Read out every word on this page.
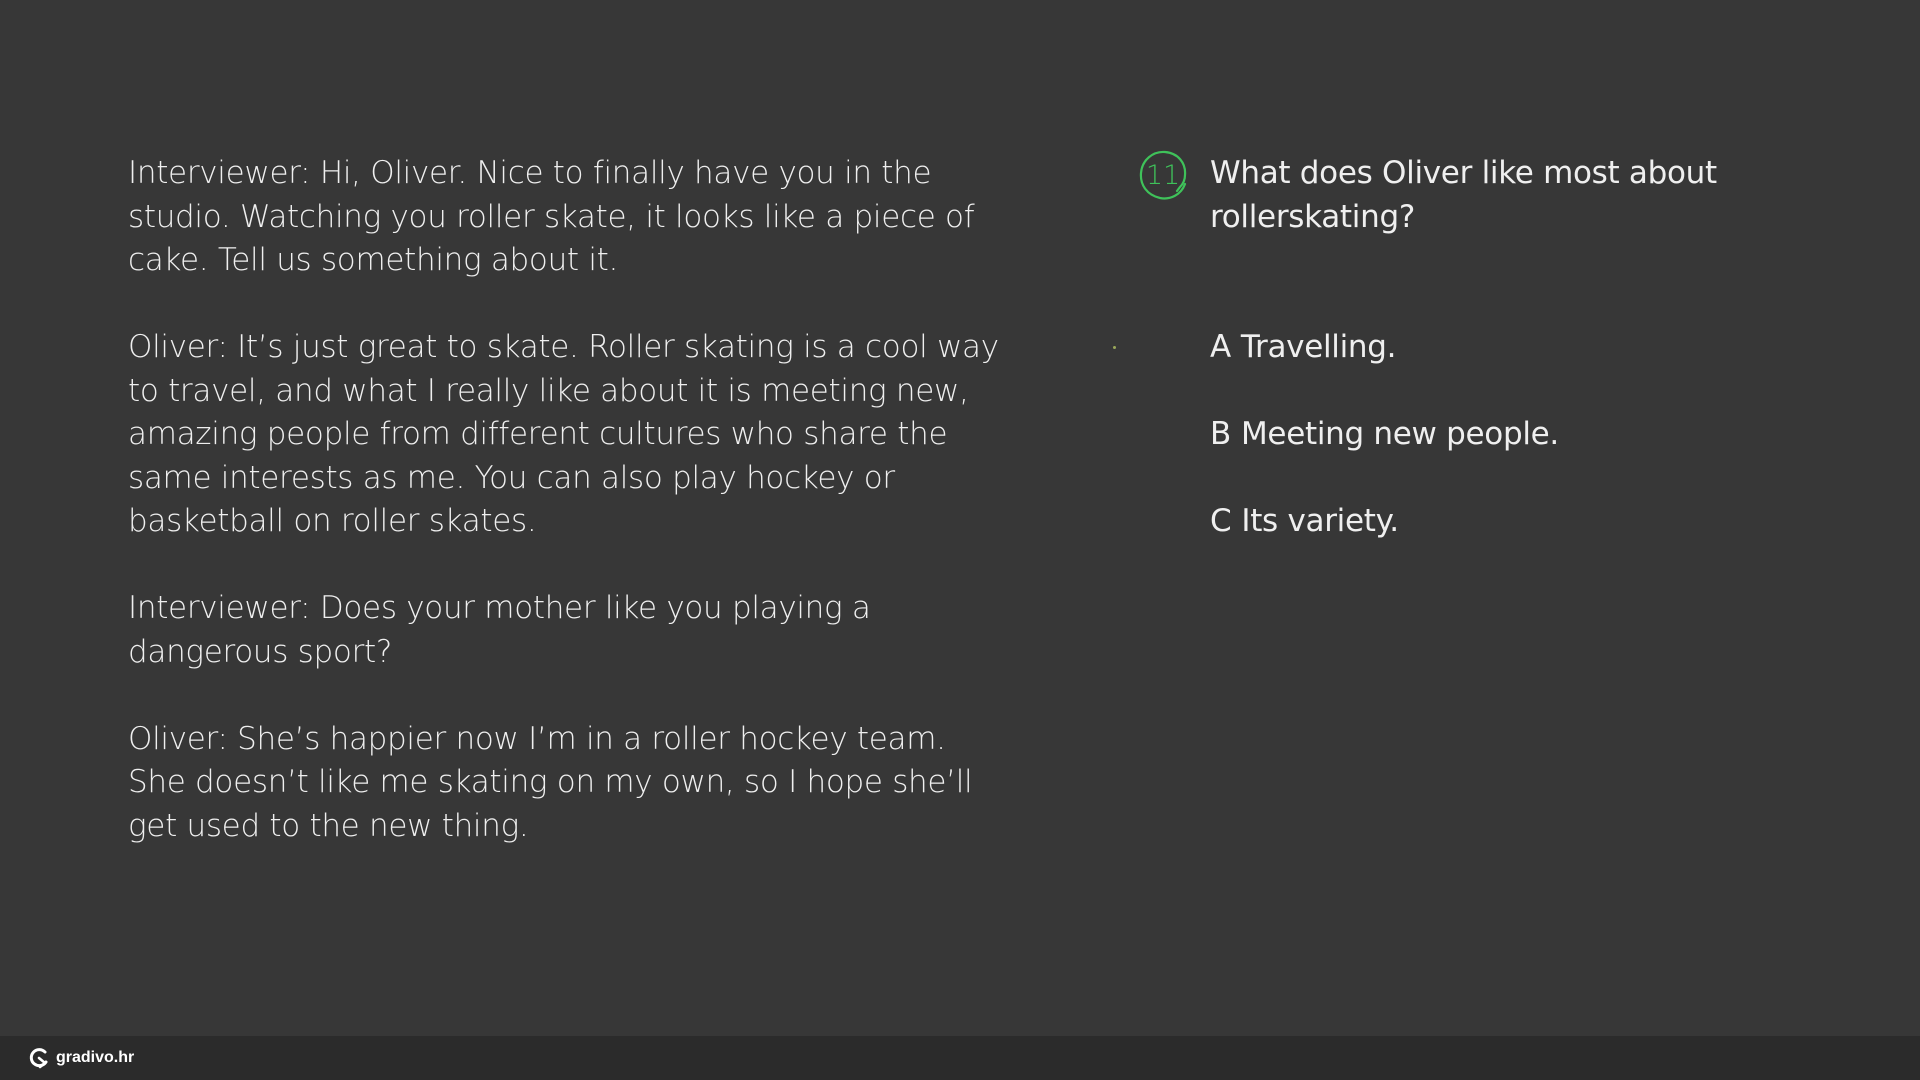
Interviewer: Hi, Oliver. Nice to finally have you in the studio. Watching you roller skate, it looks like a piece of cake. Tell us something about it.

Oliver: It’s just great to skate. Roller skating is a cool way to travel, and what I really like about it is meeting new, amazing people from different cultures who share the same interests as me. You can also play hockey or basketball on roller skates.

Interviewer: Does your mother like you playing a dangerous sport?

Oliver: She’s happier now I’m in a roller hockey team. She doesn’t like me skating on my own, so I hope she’ll get used to the new thing.

11 What does Oliver like most about rollerskating?
A Travelling.
B Meeting new people.
C Its variety.
gradivo.hr
